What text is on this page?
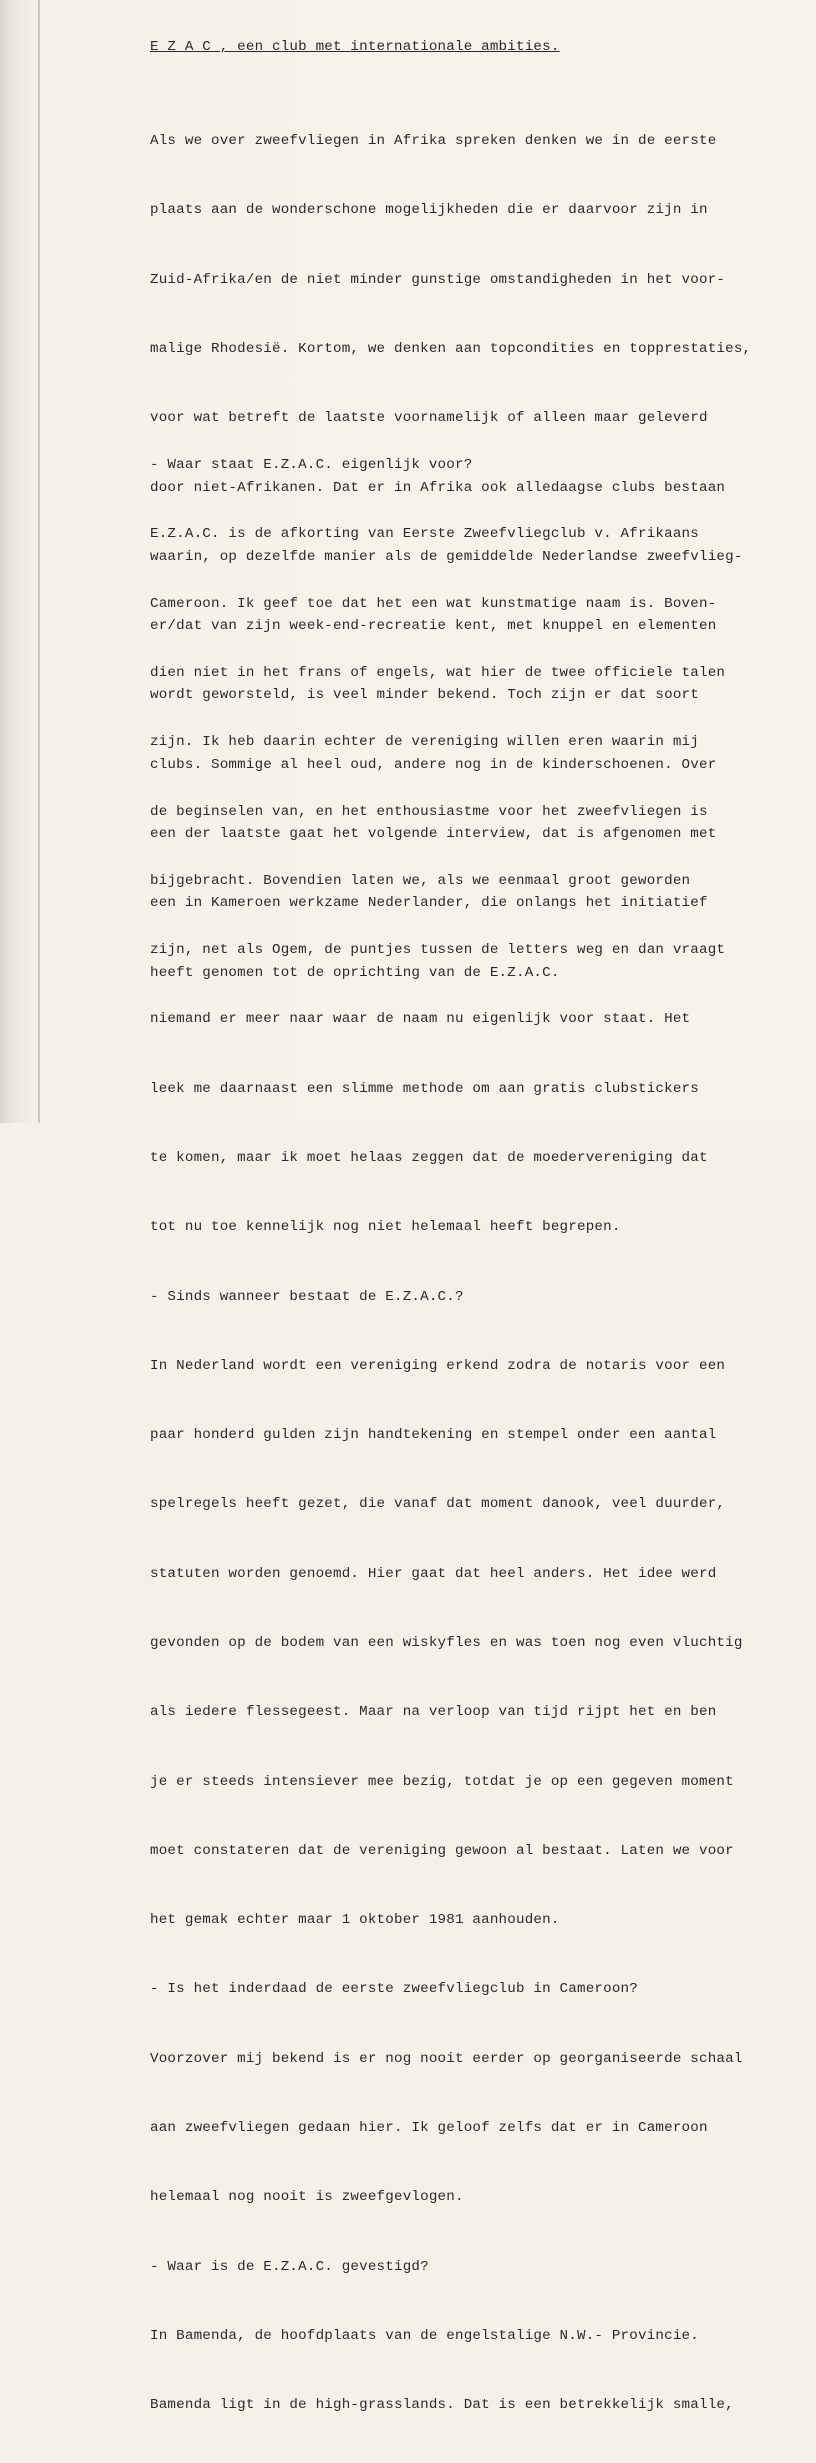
E Z A C , een club met internationale ambities.

Als we over zweefvliegen in Afrika spreken denken we in de eerste

plaats aan de wonderschone mogelijkheden die er daarvoor zijn in

Zuid-Afrika/en de niet minder gunstige omstandigheden in het voor-

malige Rhodesië. Kortom, we denken aan topcondities en topprestaties,

voor wat betreft de laatste voornamelijk of alleen maar geleverd

door niet-Afrikanen. Dat er in Afrika ook alledaagse clubs bestaan

waarin, op dezelfde manier als de gemiddelde Nederlandse zweefvlieg-

er/dat van zijn week-end-recreatie kent, met knuppel en elementen

wordt geworsteld, is veel minder bekend. Toch zijn er dat soort

clubs. Sommige al heel oud, andere nog in de kinderschoenen. Over

een der laatste gaat het volgende interview, dat is afgenomen met

een in Kameroen werkzame Nederlander, die onlangs het initiatief

heeft genomen tot de oprichting van de E.Z.A.C.

- Waar staat E.Z.A.C. eigenlijk voor?

E.Z.A.C. is de afkorting van Eerste Zweefvliegclub v. Afrikaans

Cameroon. Ik geef toe dat het een wat kunstmatige naam is. Boven-

dien niet in het frans of engels, wat hier de twee officiele talen

zijn. Ik heb daarin echter de vereniging willen eren waarin mij

de beginselen van, en het enthousiastme voor het zweefvliegen is

bijgebracht. Bovendien laten we, als we eenmaal groot geworden

zijn, net als Ogem, de puntjes tussen de letters weg en dan vraagt

niemand er meer naar waar de naam nu eigenlijk voor staat. Het

leek me daarnaast een slimme methode om aan gratis clubstickers

te komen, maar ik moet helaas zeggen dat de moedervereniging dat

tot nu toe kennelijk nog niet helemaal heeft begrepen.

- Sinds wanneer bestaat de E.Z.A.C.?

In Nederland wordt een vereniging erkend zodra de notaris voor een

paar honderd gulden zijn handtekening en stempel onder een aantal

spelregels heeft gezet, die vanaf dat moment danook, veel duurder,

statuten worden genoemd. Hier gaat dat heel anders. Het idee werd

gevonden op de bodem van een wiskyfles en was toen nog even vluchtig

als iedere flessegeest. Maar na verloop van tijd rijpt het en ben

je er steeds intensiever mee bezig, totdat je op een gegeven moment

moet constateren dat de vereniging gewoon al bestaat. Laten we voor

het gemak echter maar 1 oktober 1981 aanhouden.

- Is het inderdaad de eerste zweefvliegclub in Cameroon?

Voorzover mij bekend is er nog nooit eerder op georganiseerde schaal

aan zweefvliegen gedaan hier. Ik geloof zelfs dat er in Cameroon

helemaal nog nooit is zweefgevlogen.

- Waar is de E.Z.A.C. gevestigd?

In Bamenda, de hoofdplaats van de engelstalige N.W.- Provincie.

Bamenda ligt in de high-grasslands. Dat is een betrekkelijk smalle,
